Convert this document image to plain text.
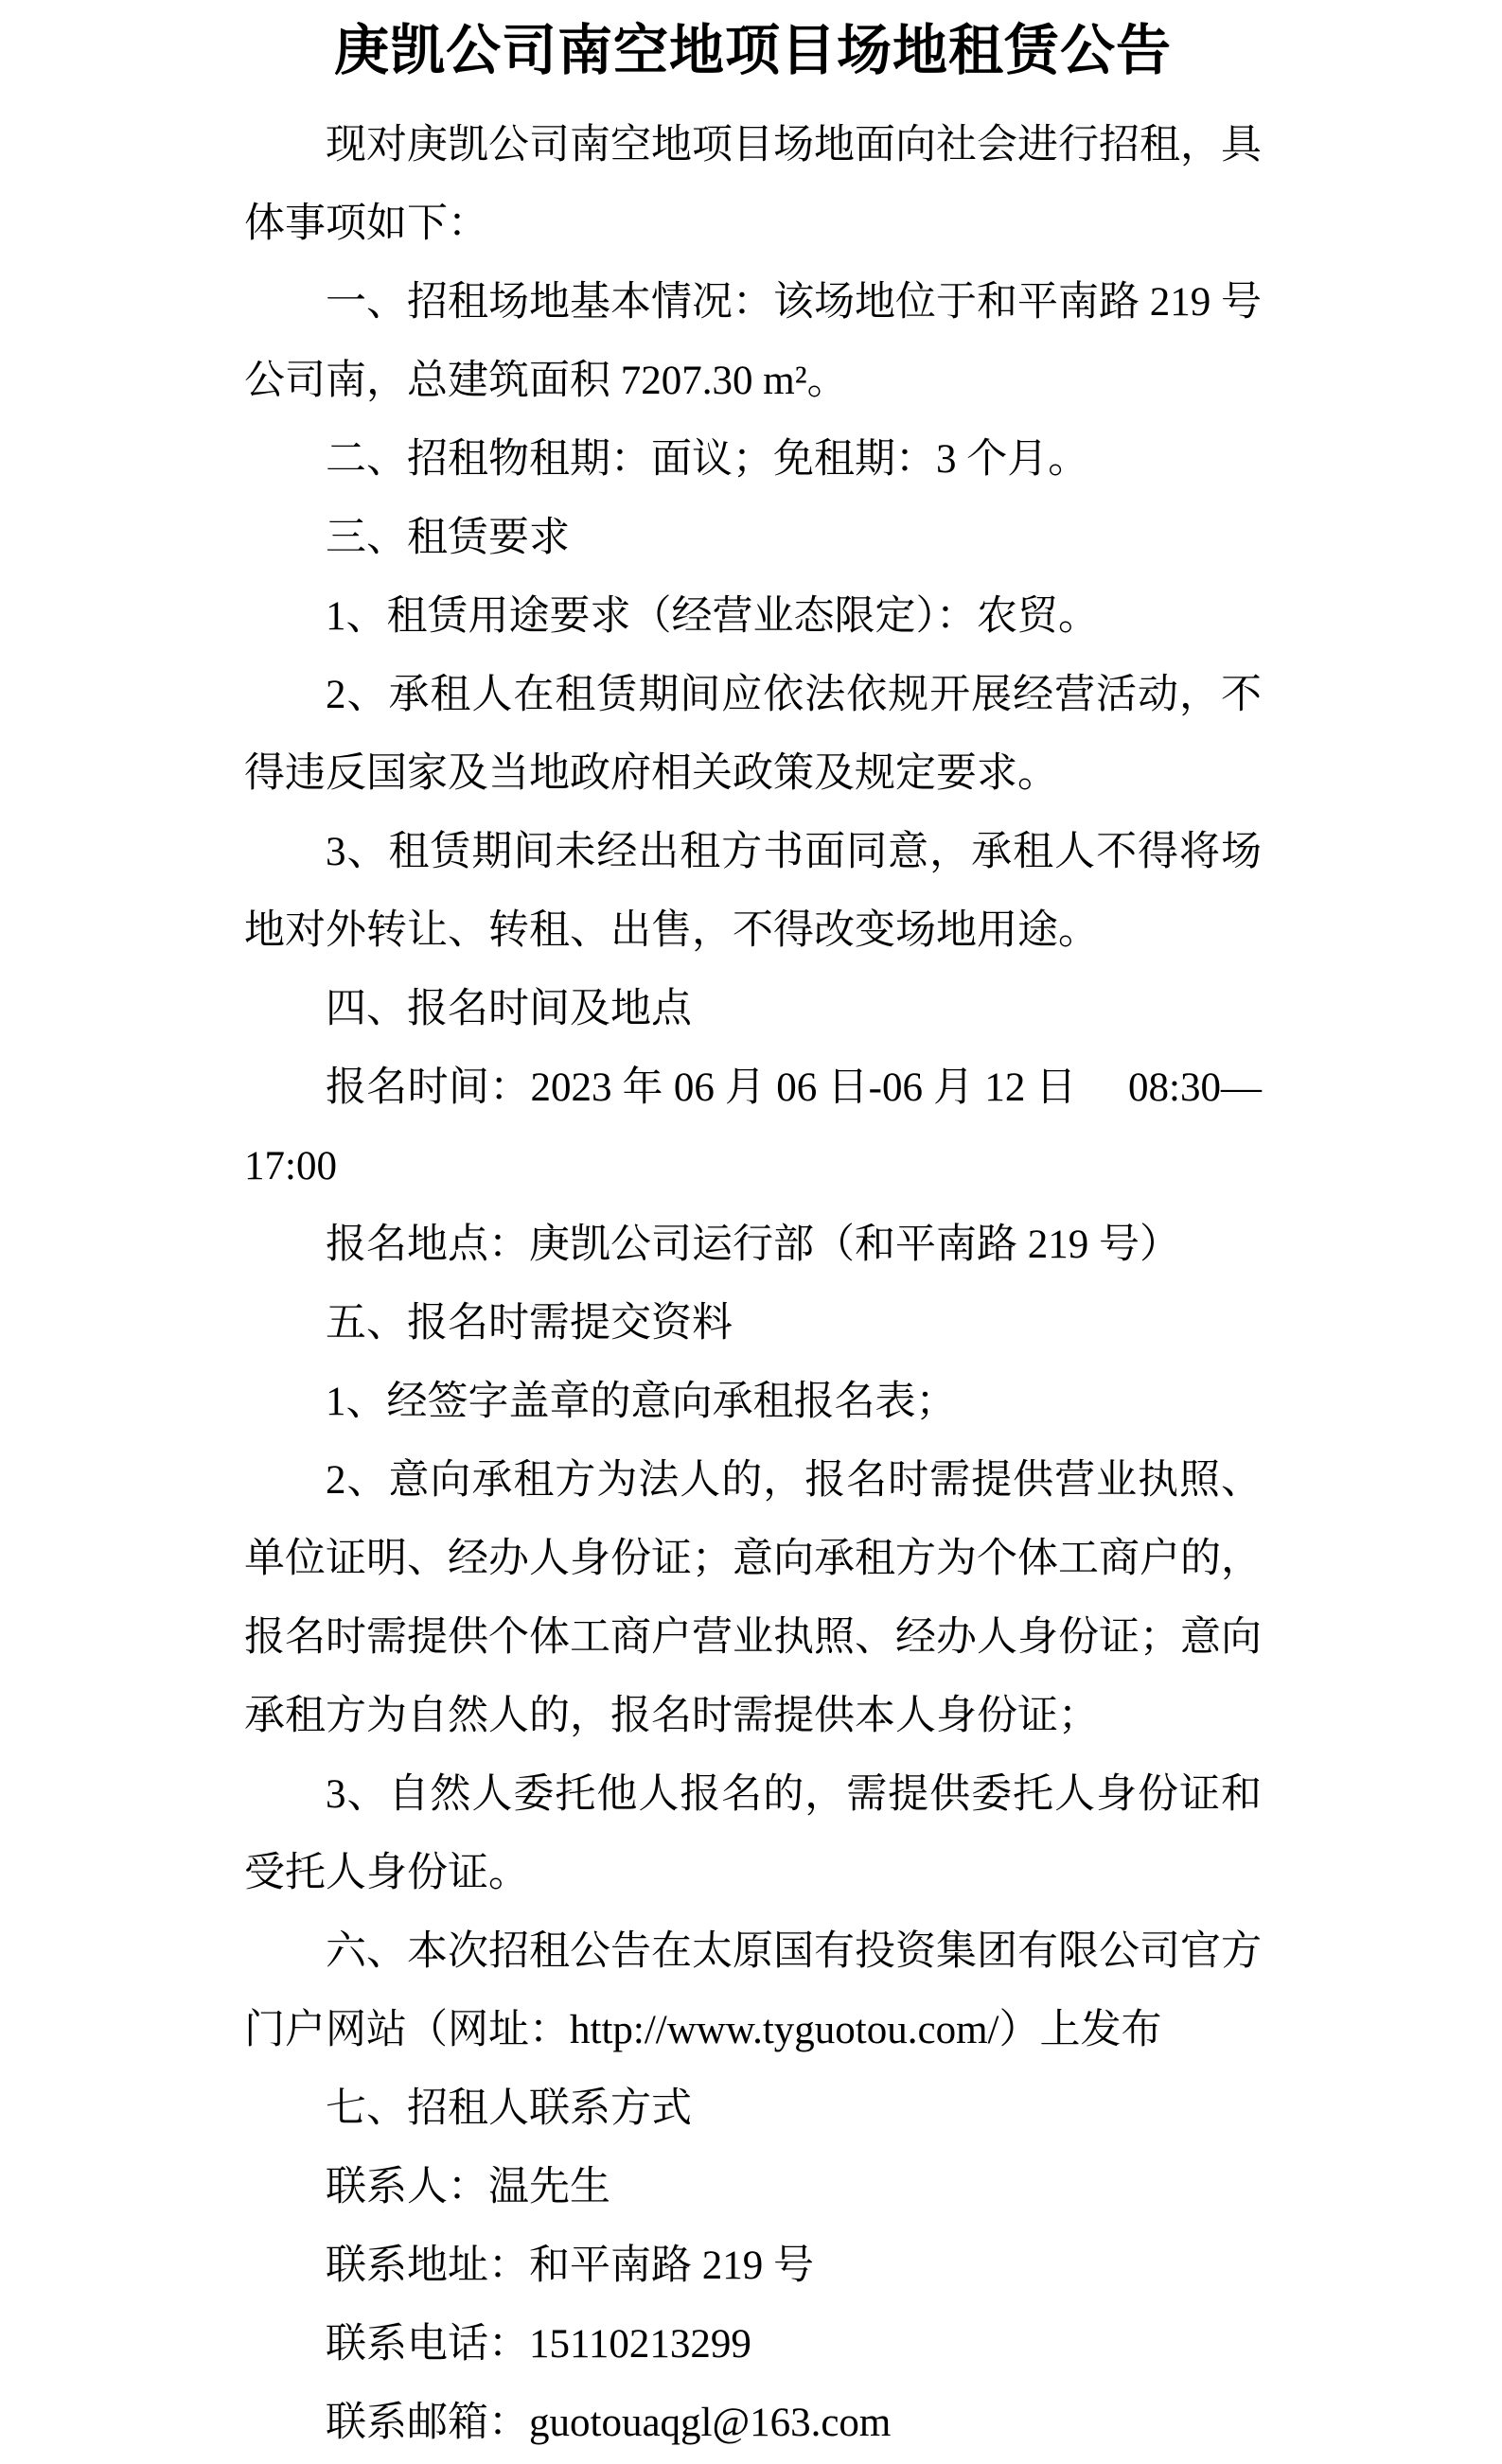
庚凯公司南空地项目场地租赁公告

现对庚凯公司南空地项目场地面向社会进行招租，具体事项如下：

一、招租场地基本情况：该场地位于和平南路 219 号公司南，总建筑面积 7207.30 m²。

二、招租物租期：面议；免租期：3 个月。

三、租赁要求

1、租赁用途要求（经营业态限定）：农贸。

2、承租人在租赁期间应依法依规开展经营活动，不得违反国家及当地政府相关政策及规定要求。

3、租赁期间未经出租方书面同意，承租人不得将场地对外转让、转租、出售，不得改变场地用途。

四、报名时间及地点

报名时间：2023 年 06 月 06 日-06 月 12 日　 08:30—17:00

报名地点：庚凯公司运行部（和平南路 219 号）

五、报名时需提交资料

1、经签字盖章的意向承租报名表；

2、意向承租方为法人的，报名时需提供营业执照、单位证明、经办人身份证；意向承租方为个体工商户的，报名时需提供个体工商户营业执照、经办人身份证；意向承租方为自然人的，报名时需提供本人身份证；

3、自然人委托他人报名的，需提供委托人身份证和受托人身份证。

六、本次招租公告在太原国有投资集团有限公司官方门户网站（网址：http://www.tyguotou.com/）上发布

七、招租人联系方式

联系人：温先生

联系地址：和平南路 219 号

联系电话：15110213299

联系邮箱：guotouaqgl@163.com
